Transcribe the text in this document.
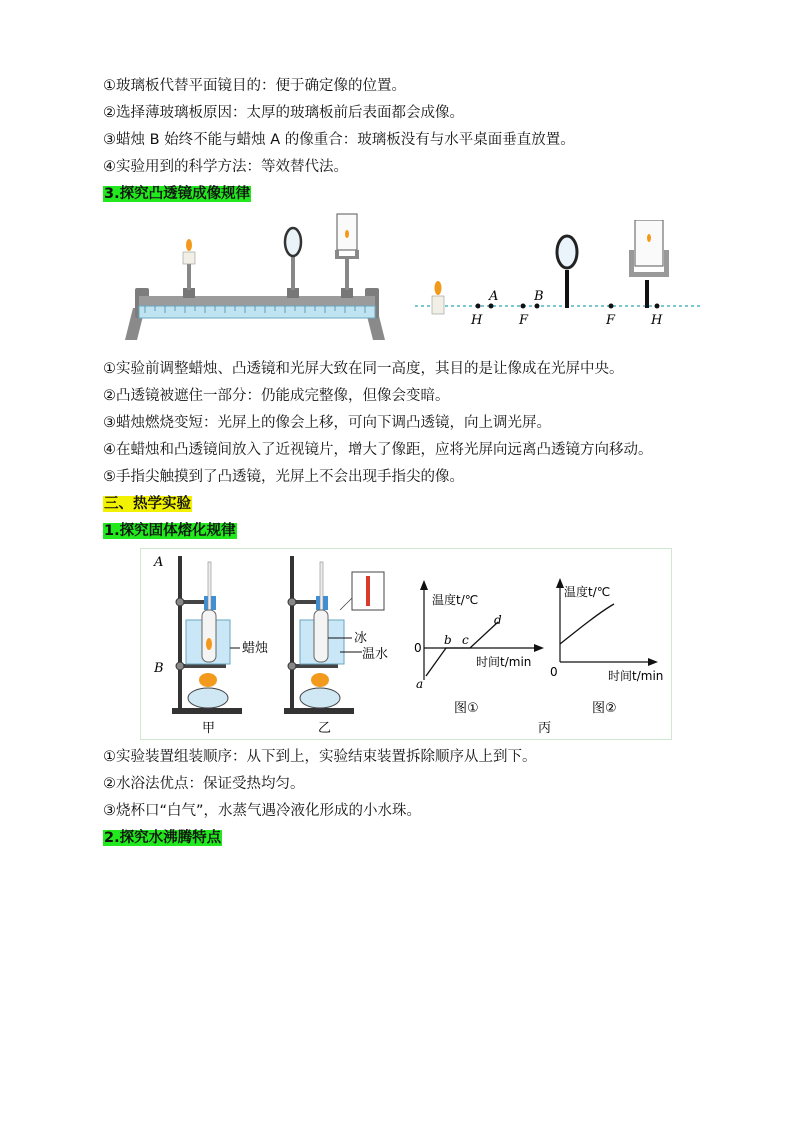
①玻璃板代替平面镜目的：便于确定像的位置。
②选择薄玻璃板原因：太厚的玻璃板前后表面都会成像。
③蜡烛 B 始终不能与蜡烛 A 的像重合：玻璃板没有与水平桌面垂直放置。
④实验用到的科学方法：等效替代法。
3.探究凸透镜成像规律
H
A
F
B
F	H
①实验前调整蜡烛、凸透镜和光屏大致在同一高度，其目的是让像成在光屏中央。
②凸透镜被遮住一部分：仍能成完整像，但像会变暗。
③蜡烛燃烧变短：光屏上的像会上移，可向下调凸透镜，向上调光屏。
④在蜡烛和凸透镜间放入了近视镜片，增大了像距，应将光屏向远离凸透镜方向移动。
⑤手指尖触摸到了凸透镜，光屏上不会出现手指尖的像。
三、热学实验
1.探究固体熔化规律
A
B
蜡烛
甲
冰
温水
乙
温度t/℃
0
a
b c
d
时间t/min
图①
温度t/℃
0	时间t/min
图②
丙
①实验装置组装顺序：从下到上，实验结束装置拆除顺序从上到下。
②水浴法优点：保证受热均匀。
③烧杯口“白气”，水蒸气遇冷液化形成的小水珠。
2.探究水沸腾特点
